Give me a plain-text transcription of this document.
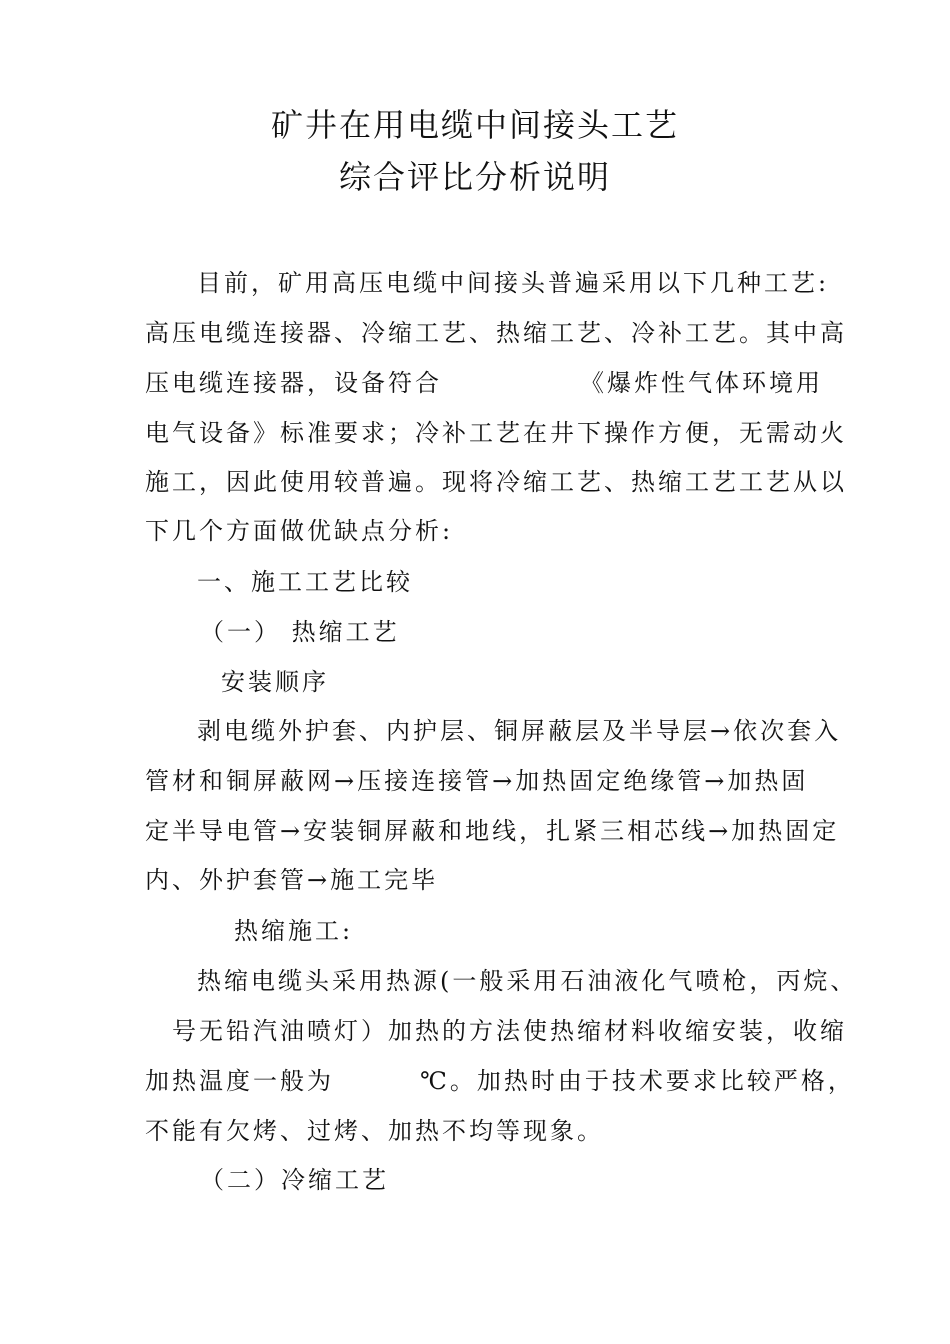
矿井在用电缆中间接头工艺
综合评比分析说明
目前，矿用高压电缆中间接头普遍采用以下几种工艺:
高压电缆连接器、冷缩工艺、热缩工艺、冷补工艺。其中高
压电缆连接器，设备符合	《爆炸性气体环境用
电气设备》标准要求；冷补工艺在井下操作方便，无需动火
施工，因此使用较普遍。现将冷缩工艺、热缩工艺工艺从以
下几个方面做优缺点分析:
一、施工工艺比较
（一） 热缩工艺
安装顺序
剥电缆外护套、内护层、铜屏蔽层及半导层→依次套入
管材和铜屏蔽网→压接连接管→加热固定绝缘管→加热固
定半导电管→安装铜屏蔽和地线，扎紧三相芯线→加热固定
内、外护套管→施工完毕
热缩施工:
热缩电缆头采用热源(一般采用石油液化气喷枪，丙烷、
号无铅汽油喷灯）加热的方法使热缩材料收缩安装，收缩
加热温度一般为	℃。加热时由于技术要求比较严格，
不能有欠烤、过烤、加热不均等现象。
（二）冷缩工艺
